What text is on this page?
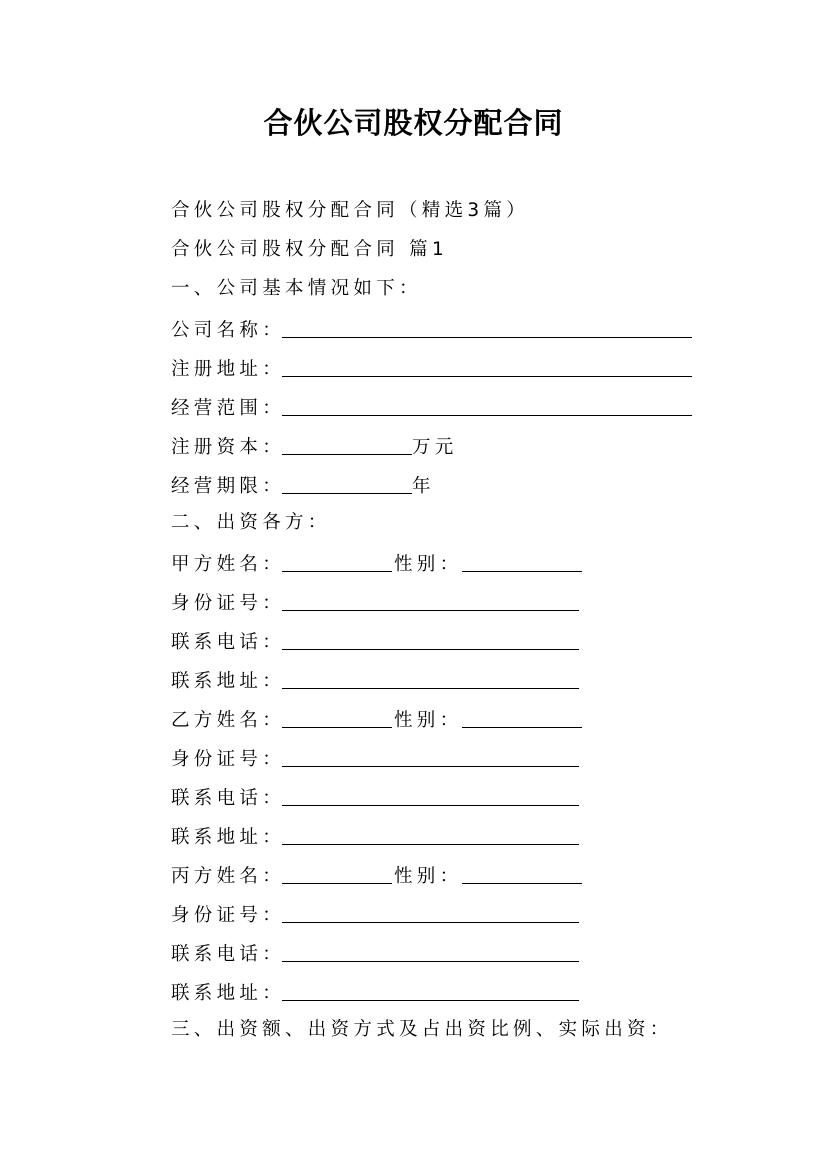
合伙公司股权分配合同
合伙公司股权分配合同（精选3篇）
合伙公司股权分配合同 篇1
一、公司基本情况如下：
公司名称：
注册地址：
经营范围：
注册资本：	万元
经营期限：	年
二、出资各方：
甲方姓名：	性别：
身份证号：
联系电话：
联系地址：
乙方姓名：	性别：
身份证号：
联系电话：
联系地址：
丙方姓名：	性别：
身份证号：
联系电话：
联系地址：
三、出资额、出资方式及占出资比例、实际出资：
